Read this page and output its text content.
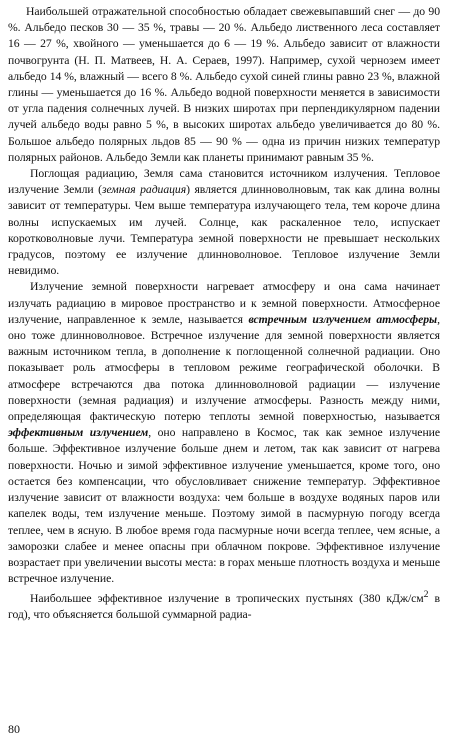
Наибольшей отражательной способностью обладает свежевыпавший снег — до 90 %. Альбедо песков 30 — 35 %, травы — 20 %. Альбедо лиственного леса составляет 16 — 27 %, хвойного — уменьшается до 6 — 19 %. Альбедо зависит от влажности почвогрунта (Н. П. Матвеев, Н. А. Сераев, 1997). Например, сухой чернозем имеет альбедо 14 %, влажный — всего 8 %. Альбедо сухой синей глины равно 23 %, влажной глины — уменьшается до 16 %. Альбедо водной поверхности меняется в зависимости от угла падения солнечных лучей. В низких широтах при перпендикулярном падении лучей альбедо воды равно 5 %, в высоких широтах альбедо увеличивается до 80 %. Большое альбедо полярных льдов 85 — 90 % — одна из причин низких температур полярных районов. Альбедо Земли как планеты принимают равным 35 %.

Поглощая радиацию, Земля сама становится источником излучения. Тепловое излучение Земли (земная радиация) является длинноволновым, так как длина волны зависит от температуры. Чем выше температура излучающего тела, тем короче длина волны испускаемых им лучей. Солнце, как раскаленное тело, испускает коротковолновые лучи. Температура земной поверхности не превышает нескольких градусов, поэтому ее излучение длинноволновое. Тепловое излучение Земли невидимо.

Излучение земной поверхности нагревает атмосферу и она сама начинает излучать радиацию в мировое пространство и к земной поверхности. Атмосферное излучение, направленное к земле, называется встречным излучением атмосферы, оно тоже длинноволновое. Встречное излучение для земной поверхности является важным источником тепла, в дополнение к поглощенной солнечной радиации. Оно показывает роль атмосферы в тепловом режиме географической оболочки. В атмосфере встречаются два потока длинноволновой радиации — излучение поверхности (земная радиация) и излучение атмосферы. Разность между ними, определяющая фактическую потерю теплоты земной поверхностью, называется эффективным излучением, оно направлено в Космос, так как земное излучение больше. Эффективное излучение больше днем и летом, так как зависит от нагрева поверхности. Ночью и зимой эффективное излучение уменьшается, кроме того, оно остается без компенсации, что обусловливает снижение температур. Эффективное излучение зависит от влажности воздуха: чем больше в воздухе водяных паров или капелек воды, тем излучение меньше. Поэтому зимой в пасмурную погоду всегда теплее, чем в ясную. В любое время года пасмурные ночи всегда теплее, чем ясные, а заморозки слабее и менее опасны при облачном покрове. Эффективное излучение возрастает при увеличении высоты места: в горах меньше плотность воздуха и меньше встречное излучение.

Наибольшее эффективное излучение в тропических пустынях (380 кДж/$см^2$ в год), что объясняется большой суммарной радиа-

80
